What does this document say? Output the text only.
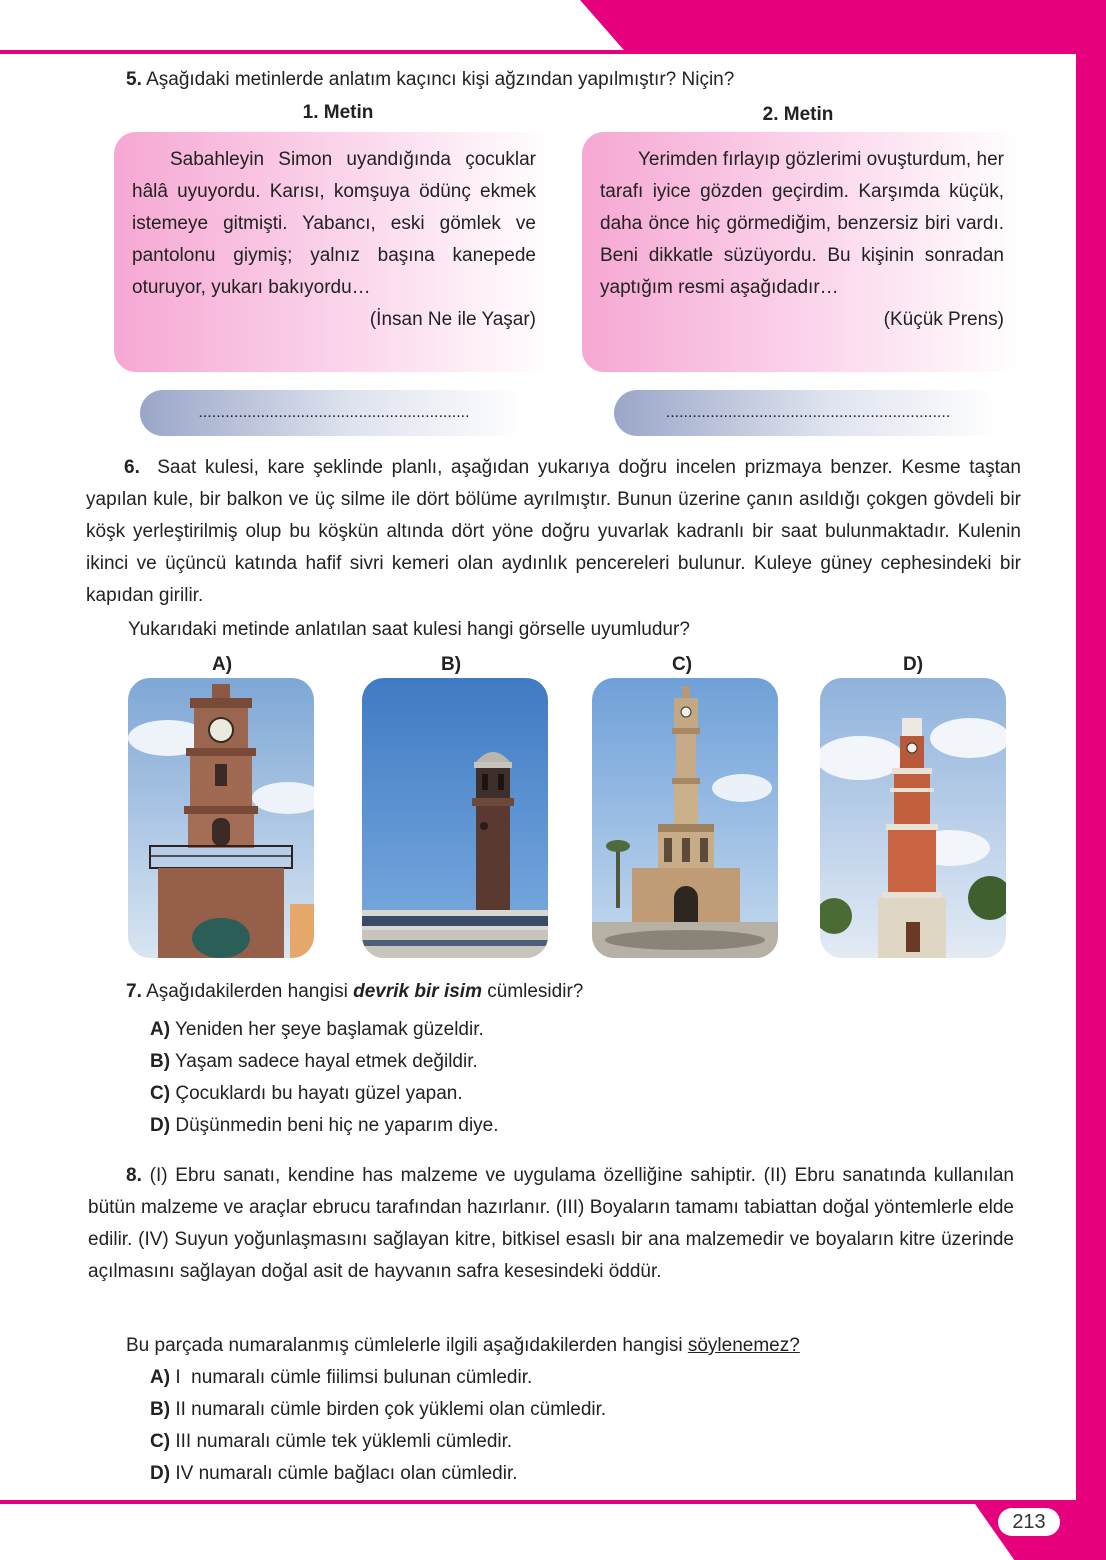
213
5. Aşağıdaki metinlerde anlatım kaçıncı kişi ağzından yapılmıştır? Niçin?
1. Metin	2. Metin
Sabahleyin Simon uyandığında çocuklar hâlâ uyuyordu. Karısı, komşuya ödünç ekmek istemeye gitmişti. Yabancı, eski gömlek ve pantolonu giymiş; yalnız başına kanepede oturuyor, yukarı bakıyordu…
(İnsan Ne ile Yaşar)
Yerimden fırlayıp gözlerimi ovuşturdum, her tarafı iyice gözden geçirdim. Karşımda küçük, daha önce hiç görmediğim, benzersiz biri vardı. Beni dikkatle süzüyordu. Bu kişinin sonradan yaptığım resmi aşağıdadır…
(Küçük Prens)
.............................................................	................................................................
6. Saat kulesi, kare şeklinde planlı, aşağıdan yukarıya doğru incelen prizmaya benzer. Kesme taştan yapılan kule, bir balkon ve üç silme ile dört bölüme ayrılmıştır. Bunun üzerine çanın asıldığı çokgen gövdeli bir köşk yerleştirilmiş olup bu köşkün altında dört yöne doğru yuvarlak kadranlı bir saat bulunmaktadır. Kulenin ikinci ve üçüncü katında hafif sivri kemeri olan aydınlık pencereleri bulunur. Kuleye güney cephesindeki bir kapıdan girilir.
Yukarıdaki metinde anlatılan saat kulesi hangi görselle uyumludur?
A)	B)	C)	D)
7. Aşağıdakilerden hangisi devrik bir isim cümlesidir?
A) Yeniden her şeye başlamak güzeldir.
B) Yaşam sadece hayal etmek değildir.
C) Çocuklardı bu hayatı güzel yapan.
D) Düşünmedin beni hiç ne yaparım diye.
8. (I) Ebru sanatı, kendine has malzeme ve uygulama özelliğine sahiptir. (II) Ebru sanatında kullanılan bütün malzeme ve araçlar ebrucu tarafından hazırlanır. (III) Boyaların tamamı tabiattan doğal yöntemlerle elde edilir. (IV) Suyun yoğunlaşmasını sağlayan kitre, bitkisel esaslı bir ana malzemedir ve boyaların kitre üzerinde açılmasını sağlayan doğal asit de hayvanın safra kesesindeki öddür.
Bu parçada numaralanmış cümlelerle ilgili aşağıdakilerden hangisi söylenemez?
A) I  numaralı cümle fiilimsi bulunan cümledir.
B) II numaralı cümle birden çok yüklemi olan cümledir.
C) III numaralı cümle tek yüklemli cümledir.
D) IV numaralı cümle bağlacı olan cümledir.
